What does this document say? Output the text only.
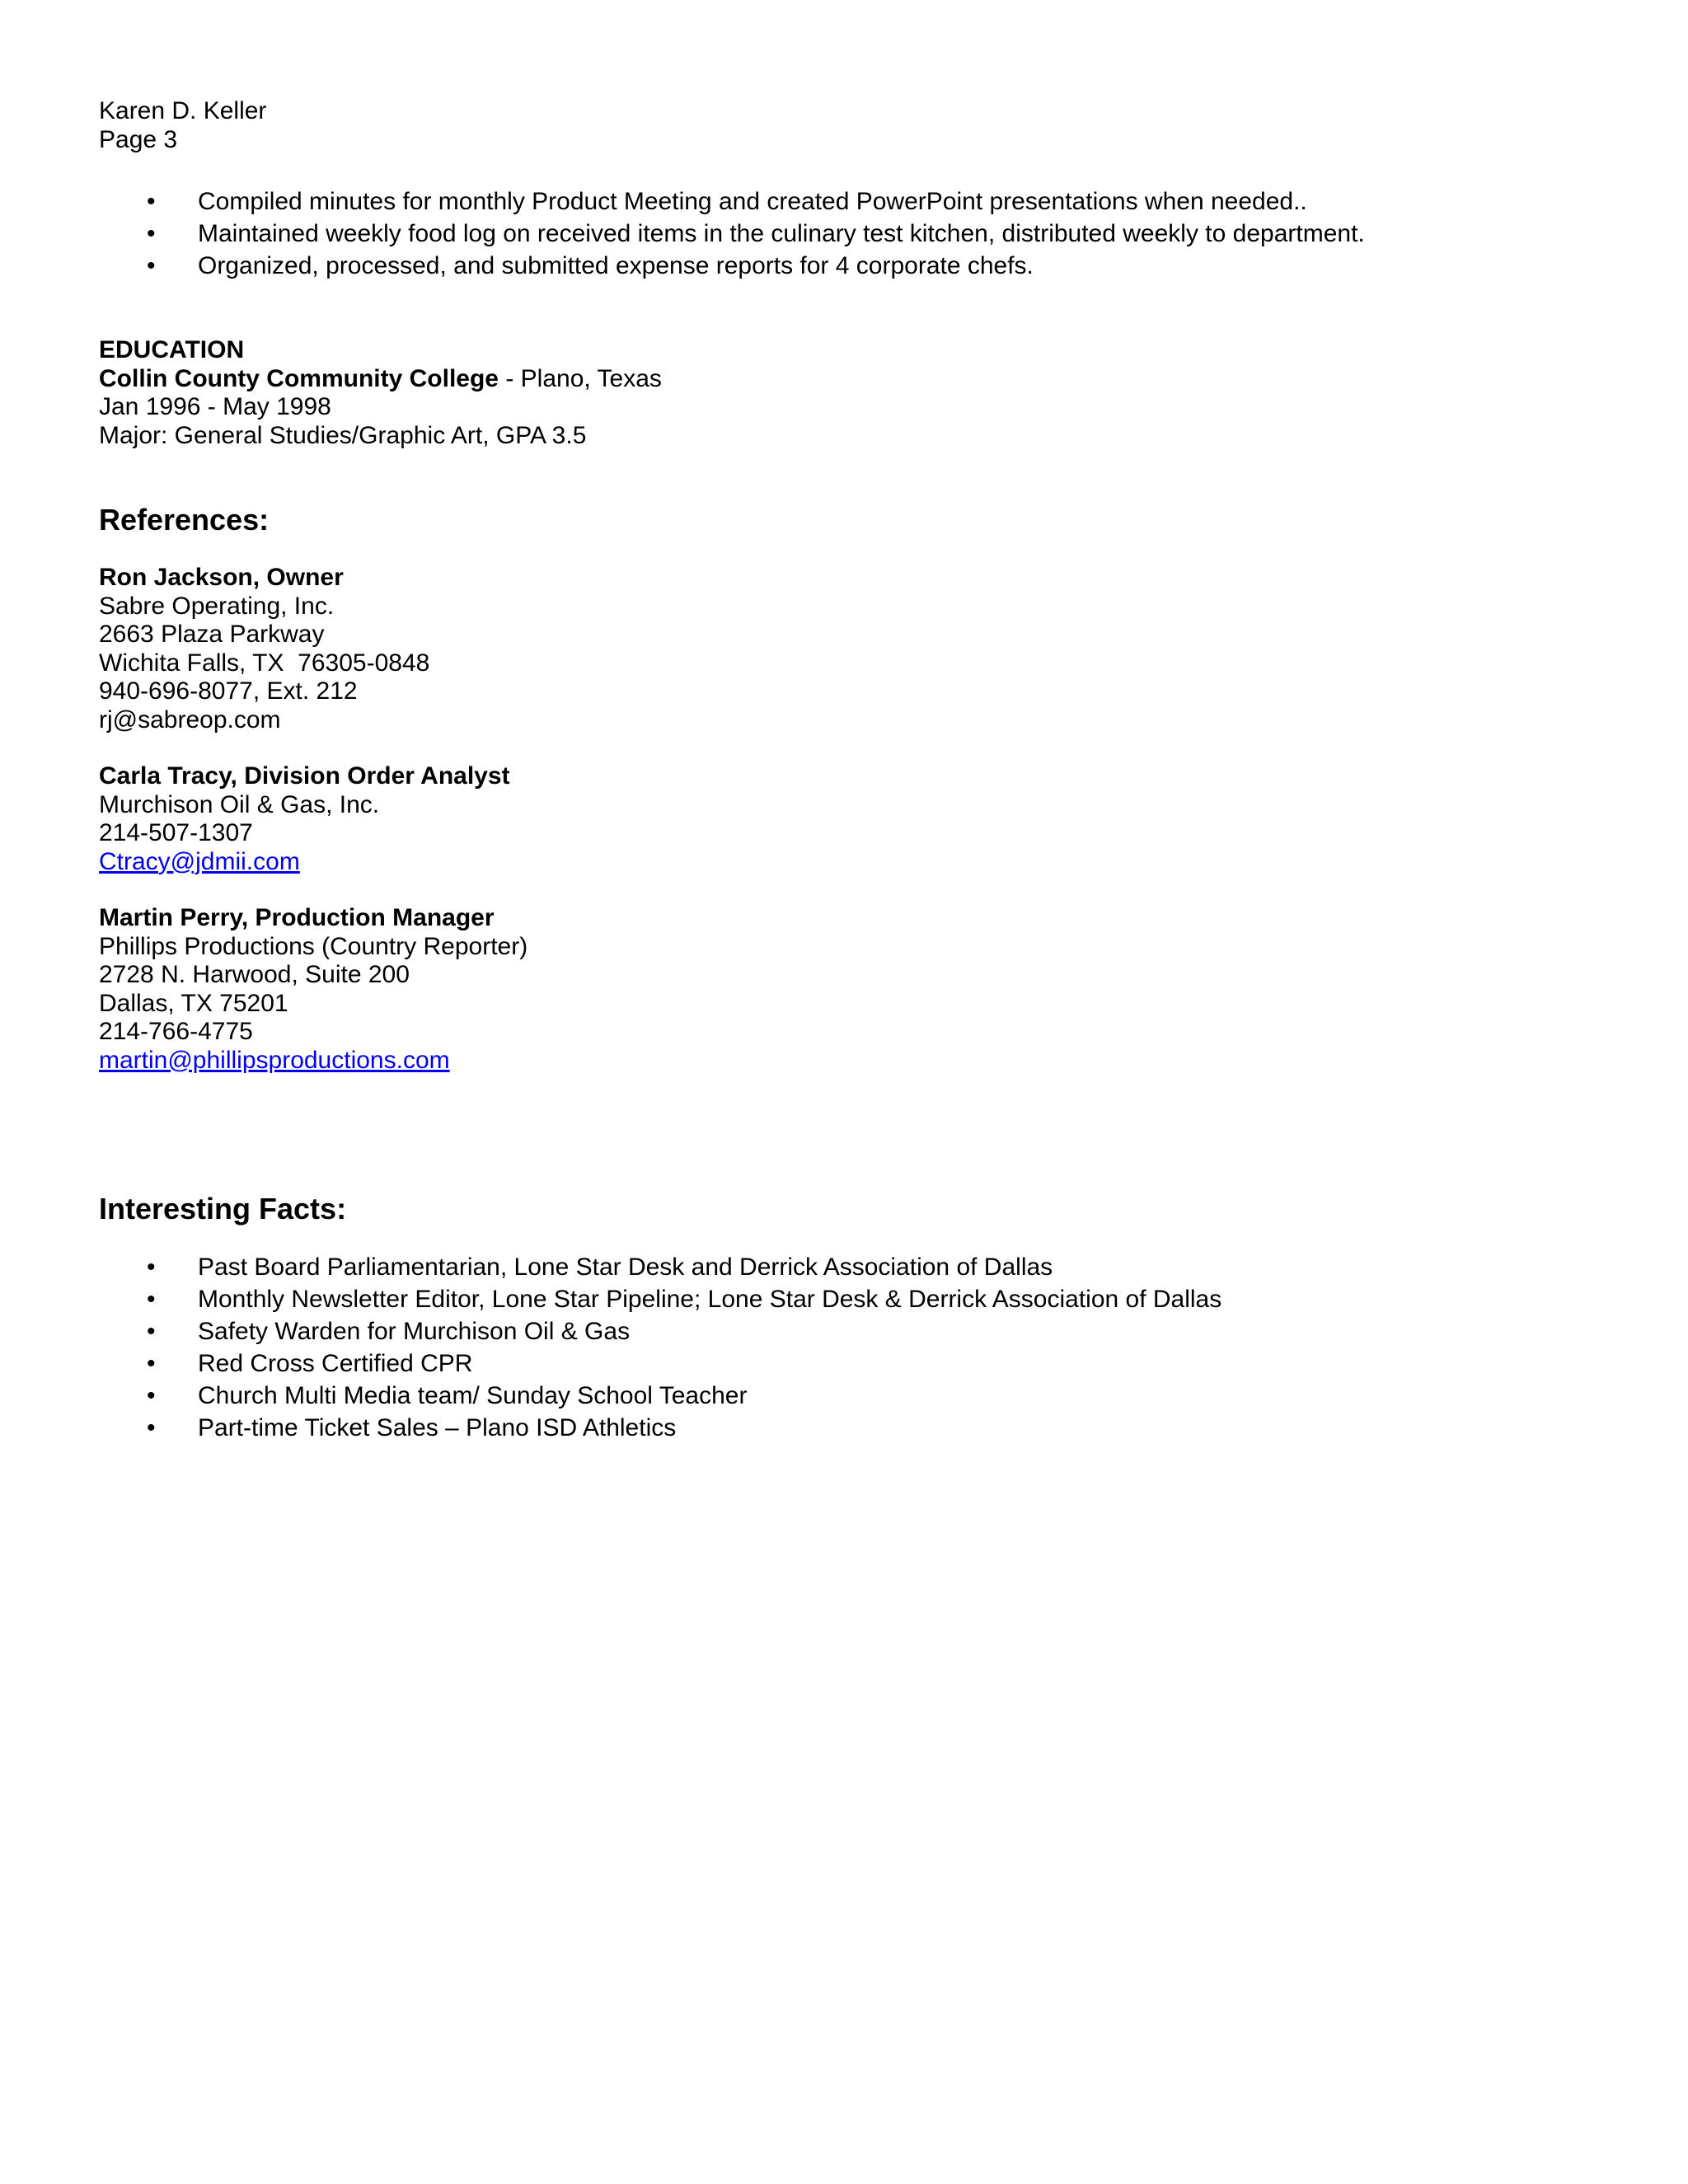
Karen D. Keller
Page 3
• Compiled minutes for monthly Product Meeting and created PowerPoint presentations when needed..
• Maintained weekly food log on received items in the culinary test kitchen, distributed weekly to department.
• Organized, processed, and submitted expense reports for 4 corporate chefs.
EDUCATION
Collin County Community College - Plano, Texas
Jan 1996 - May 1998
Major: General Studies/Graphic Art, GPA 3.5
References:
Ron Jackson, Owner
Sabre Operating, Inc.
2663 Plaza Parkway
Wichita Falls, TX  76305-0848
940-696-8077, Ext. 212
rj@sabreop.com
Carla Tracy, Division Order Analyst
Murchison Oil & Gas, Inc.
214-507-1307
Ctracy@jdmii.com
Martin Perry, Production Manager
Phillips Productions (Country Reporter)
2728 N. Harwood, Suite 200
Dallas, TX 75201
214-766-4775
martin@phillipsproductions.com
Interesting Facts:
• Past Board Parliamentarian, Lone Star Desk and Derrick Association of Dallas
• Monthly Newsletter Editor, Lone Star Pipeline; Lone Star Desk & Derrick Association of Dallas
• Safety Warden for Murchison Oil & Gas
• Red Cross Certified CPR
• Church Multi Media team/ Sunday School Teacher
• Part-time Ticket Sales – Plano ISD Athletics
